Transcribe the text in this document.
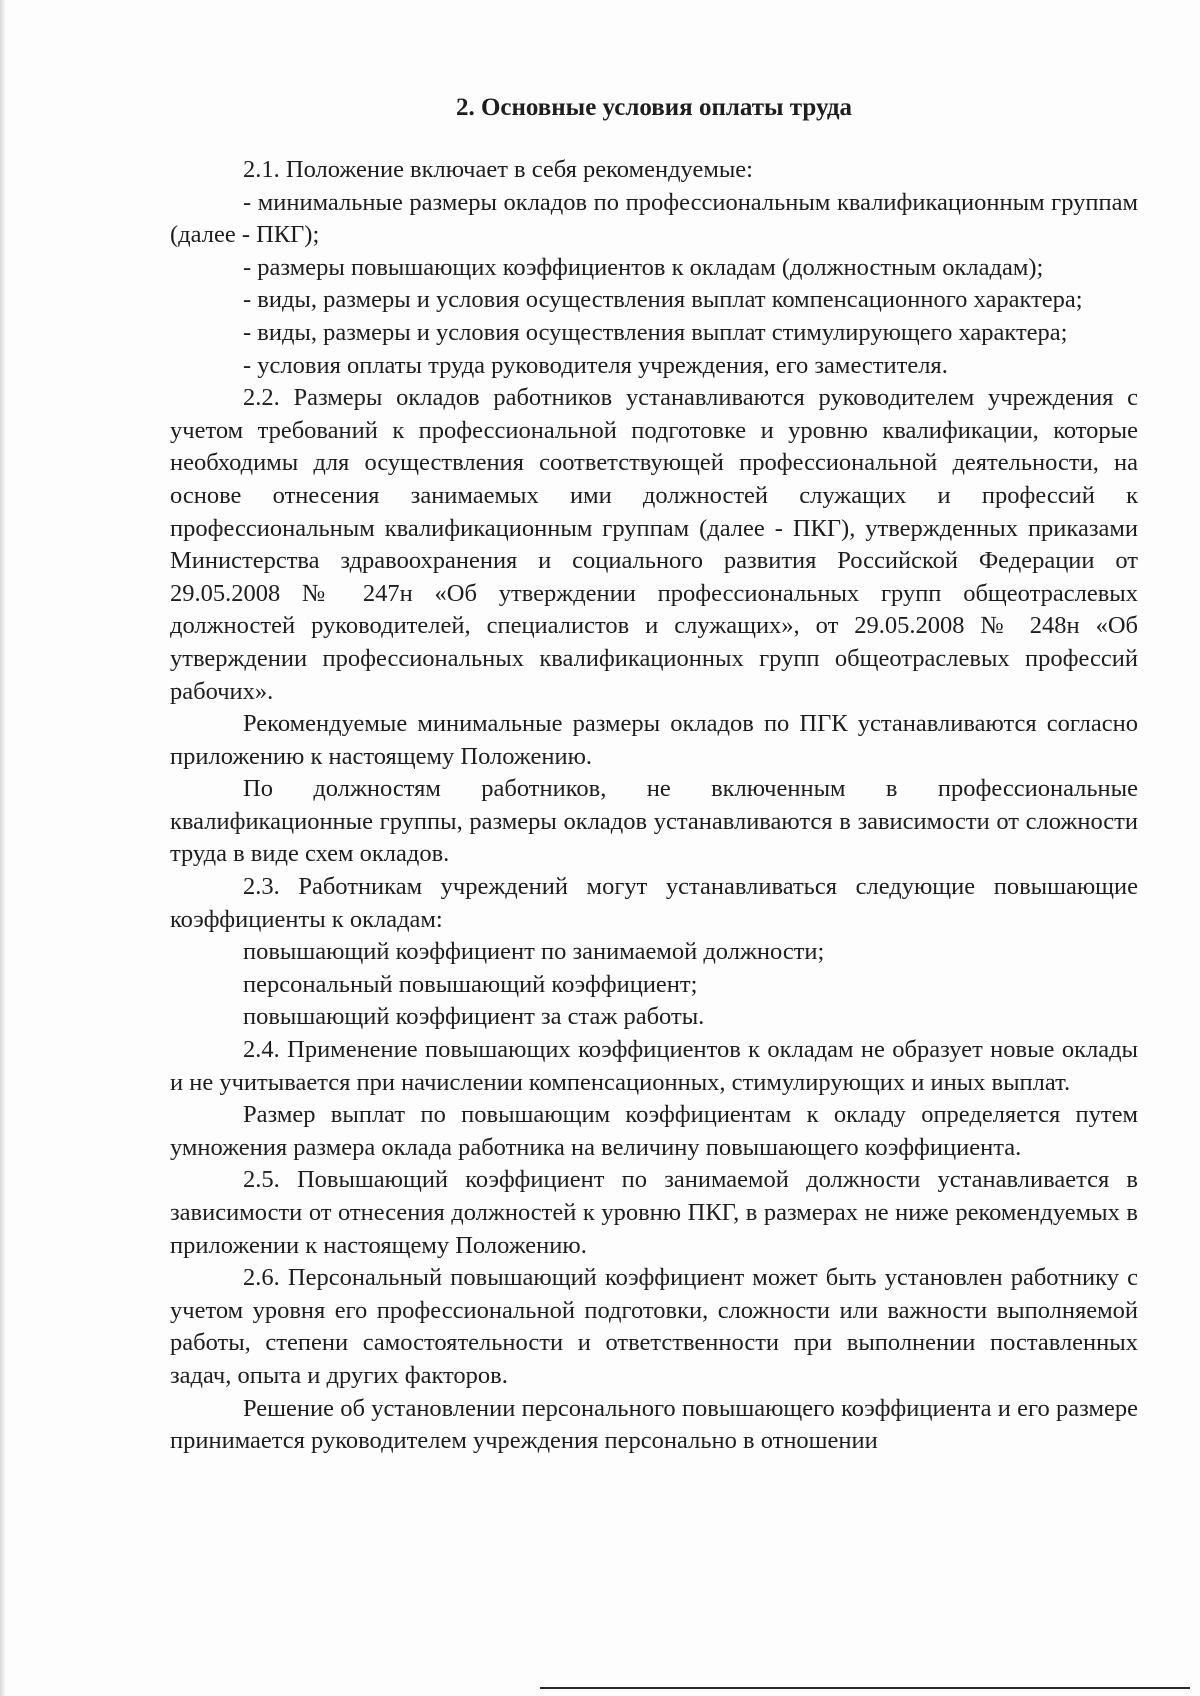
2. Основные условия оплаты труда

2.1. Положение включает в себя рекомендуемые:

- минимальные размеры окладов по профессиональным квалификационным группам (далее - ПКГ);

- размеры повышающих коэффициентов к окладам (должностным окладам);

- виды, размеры и условия осуществления выплат компенсационного характера;

- виды, размеры и условия осуществления выплат стимулирующего характера;

- условия оплаты труда руководителя учреждения, его заместителя.

2.2. Размеры окладов работников устанавливаются руководителем учреждения с учетом требований к профессиональной подготовке и уровню квалификации, которые необходимы для осуществления соответствующей профессиональной деятельности, на основе отнесения занимаемых ими должностей служащих и профессий к профессиональным квалификационным группам (далее - ПКГ), утвержденных приказами Министерства здравоохранения и социального развития Российской Федерации от 29.05.2008 № 247н «Об утверждении профессиональных групп общеотраслевых должностей руководителей, специалистов и служащих», от 29.05.2008 № 248н «Об утверждении профессиональных квалификационных групп общеотраслевых профессий рабочих».

Рекомендуемые минимальные размеры окладов по ПГК устанавливаются согласно приложению к настоящему Положению.

По должностям работников, не включенным в профессиональные квалификационные группы, размеры окладов устанавливаются в зависимости от сложности труда в виде схем окладов.

2.3. Работникам учреждений могут устанавливаться следующие повышающие коэффициенты к окладам:

повышающий коэффициент по занимаемой должности;

персональный повышающий коэффициент;

повышающий коэффициент за стаж работы.

2.4. Применение повышающих коэффициентов к окладам не образует новые оклады и не учитывается при начислении компенсационных, стимулирующих и иных выплат.

Размер выплат по повышающим коэффициентам к окладу определяется путем умножения размера оклада работника на величину повышающего коэффициента.

2.5. Повышающий коэффициент по занимаемой должности устанавливается в зависимости от отнесения должностей к уровню ПКГ, в размерах не ниже рекомендуемых в приложении к настоящему Положению.

2.6. Персональный повышающий коэффициент может быть установлен работнику с учетом уровня его профессиональной подготовки, сложности или важности выполняемой работы, степени самостоятельности и ответственности при выполнении поставленных задач, опыта и других факторов.

Решение об установлении персонального повышающего коэффициента и его размере принимается руководителем учреждения персонально в отношении
